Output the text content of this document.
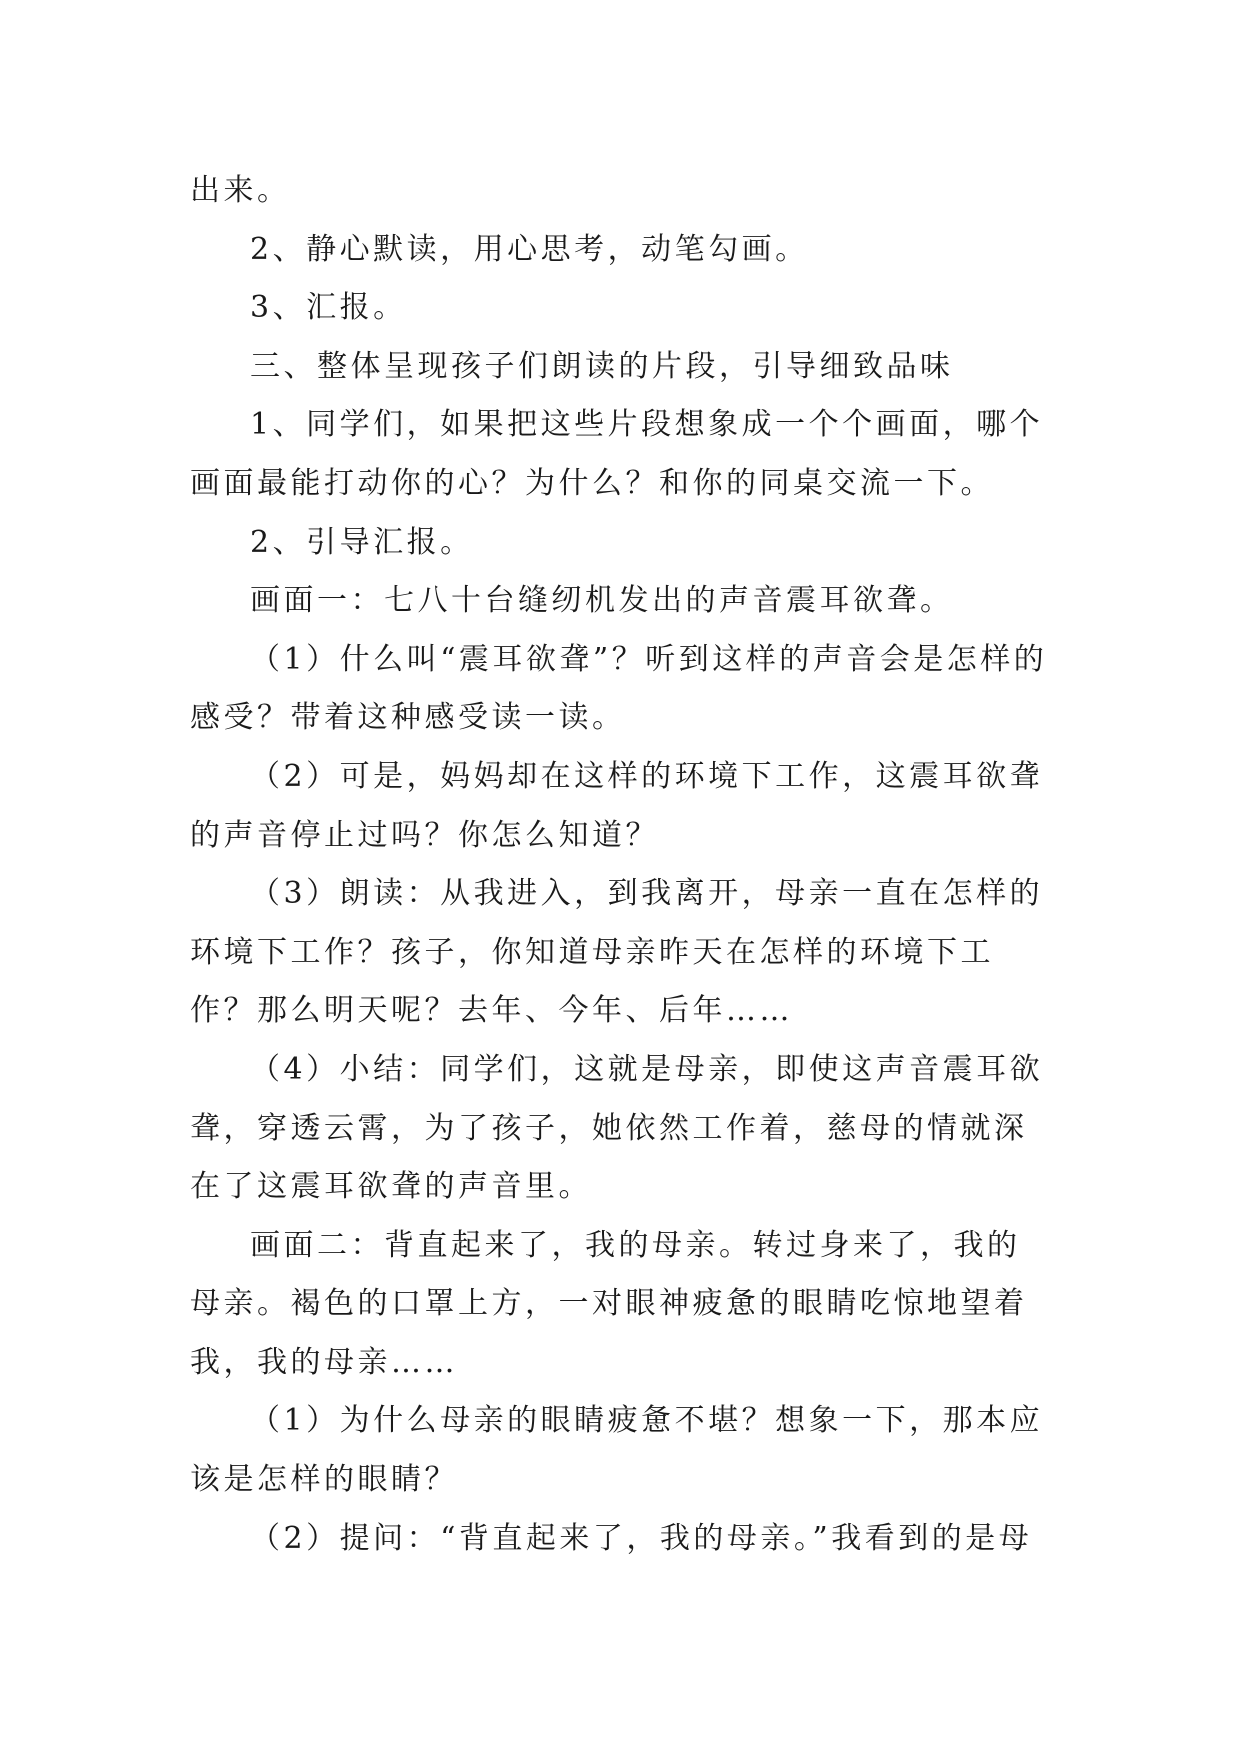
出来。

2、静心默读，用心思考，动笔勾画。

3、汇报。

三、整体呈现孩子们朗读的片段，引导细致品味

1、同学们，如果把这些片段想象成一个个画面，哪个画面最能打动你的心？为什么？和你的同桌交流一下。

2、引导汇报。

画面一：七八十台缝纫机发出的声音震耳欲聋。

（1）什么叫“震耳欲聋”？听到这样的声音会是怎样的感受？带着这种感受读一读。

（2）可是，妈妈却在这样的环境下工作，这震耳欲聋的声音停止过吗？你怎么知道？

（3）朗读：从我进入，到我离开，母亲一直在怎样的环境下工作？孩子，你知道母亲昨天在怎样的环境下工作？那么明天呢？去年、今年、后年……

（4）小结：同学们，这就是母亲，即使这声音震耳欲聋，穿透云霄，为了孩子，她依然工作着，慈母的情就深在了这震耳欲聋的声音里。

画面二：背直起来了，我的母亲。转过身来了，我的母亲。褐色的口罩上方，一对眼神疲惫的眼睛吃惊地望着我，我的母亲……

（1）为什么母亲的眼睛疲惫不堪？想象一下，那本应该是怎样的眼睛？

（2）提问：“背直起来了，我的母亲。”我看到的是母
